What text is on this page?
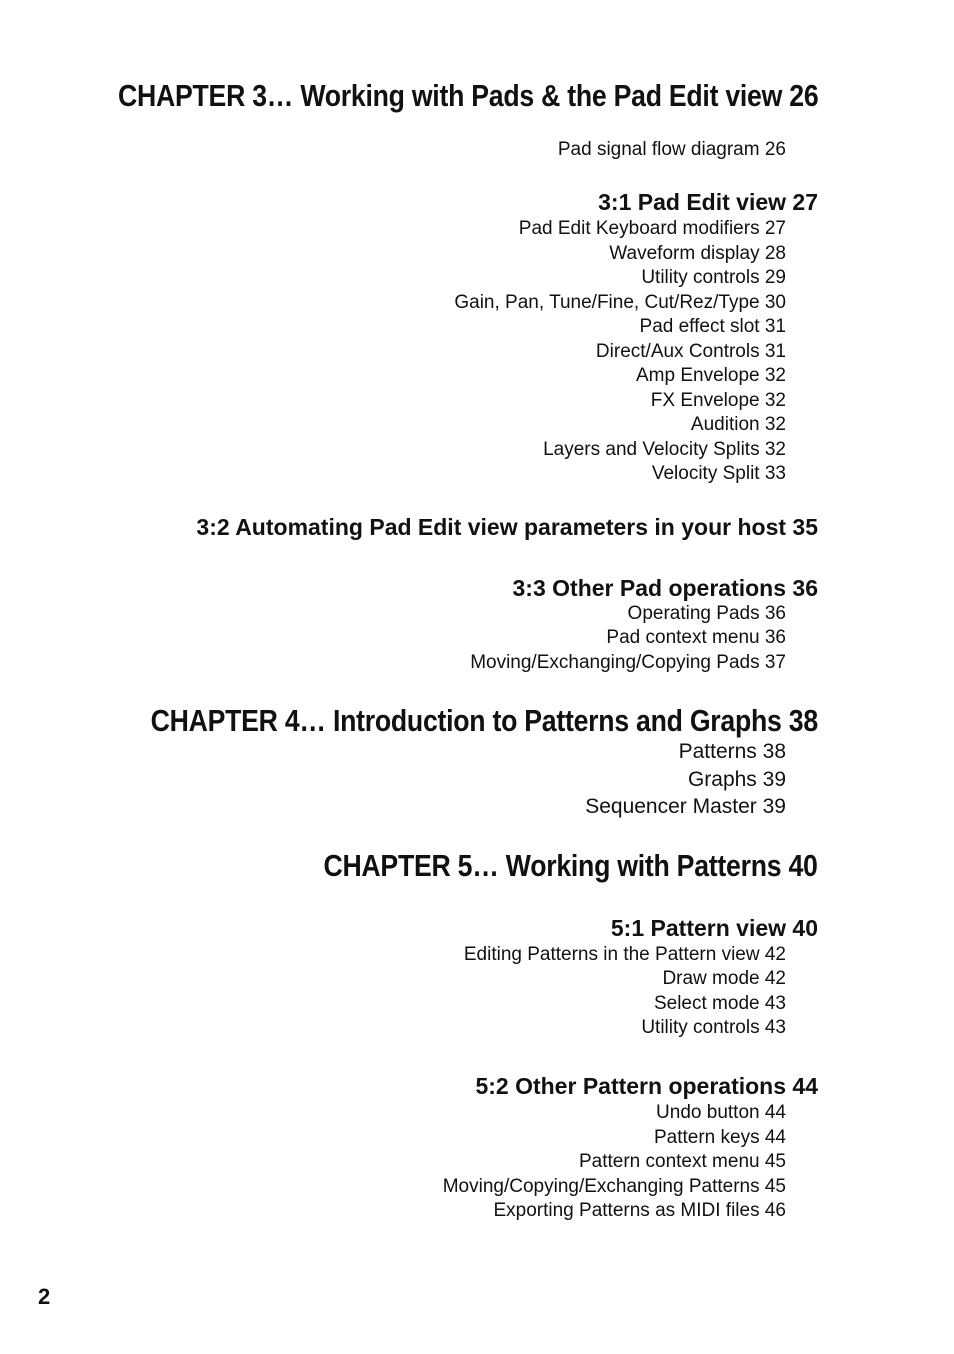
CHAPTER 3… Working with Pads & the Pad Edit view 26
Pad signal flow diagram 26
3:1 Pad Edit view 27
Pad Edit Keyboard modifiers 27
Waveform display 28
Utility controls 29
Gain, Pan, Tune/Fine, Cut/Rez/Type 30
Pad effect slot 31
Direct/Aux Controls 31
Amp Envelope 32
FX Envelope 32
Audition 32
Layers and Velocity Splits 32
Velocity Split 33
3:2 Automating Pad Edit view parameters in your host 35
3:3 Other Pad operations 36
Operating Pads 36
Pad context menu 36
Moving/Exchanging/Copying Pads 37
CHAPTER 4… Introduction to Patterns and Graphs 38
Patterns 38
Graphs 39
Sequencer Master 39
CHAPTER 5… Working with Patterns 40
5:1 Pattern view 40
Editing Patterns in the Pattern view 42
Draw mode 42
Select mode 43
Utility controls 43
5:2 Other Pattern operations 44
Undo button 44
Pattern keys 44
Pattern context menu 45
Moving/Copying/Exchanging Patterns 45
Exporting Patterns as MIDI files 46
2
